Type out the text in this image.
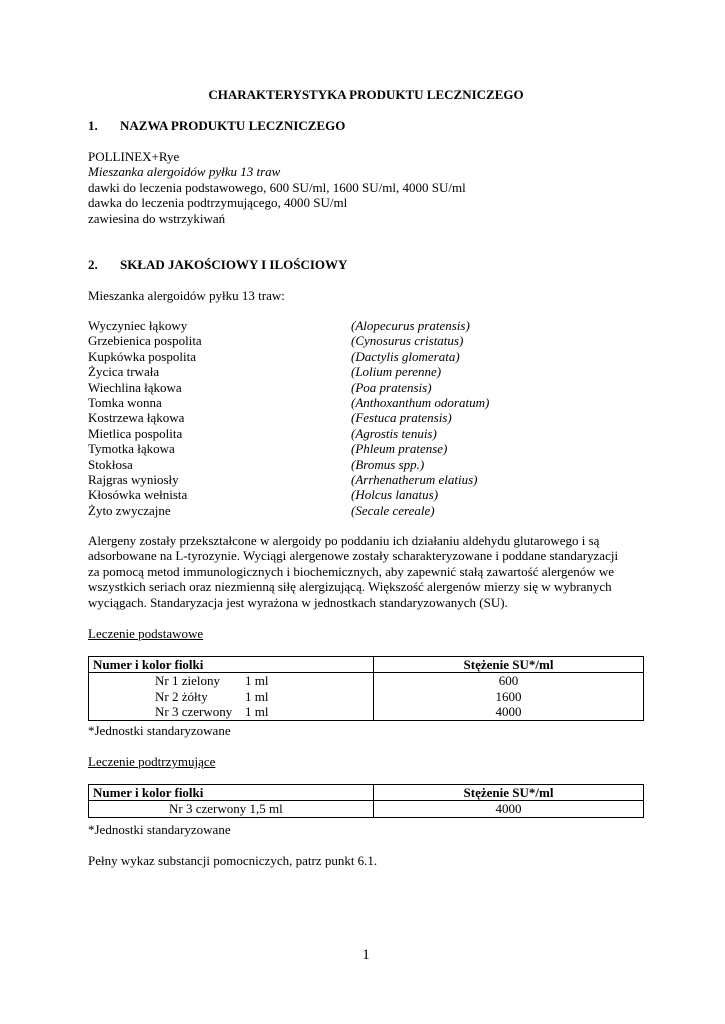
CHARAKTERYSTYKA PRODUKTU LECZNICZEGO
1. NAZWA PRODUKTU LECZNICZEGO
POLLINEX+Rye
Mieszanka alergoidów pyłku 13 traw
dawki do leczenia podstawowego, 600 SU/ml, 1600 SU/ml, 4000 SU/ml
dawka do leczenia podtrzymującego, 4000 SU/ml
zawiesina do wstrzykiwań
2. SKŁAD JAKOŚCIOWY I ILOŚCIOWY
Mieszanka alergoidów pyłku 13 traw:
Wyczyniec łąkowy	(Alopecurus pratensis)
Grzebienica pospolita	(Cynosurus cristatus)
Kupkówka pospolita	(Dactylis glomerata)
Życica trwała	(Lolium perenne)
Wiechlina łąkowa	(Poa pratensis)
Tomka wonna	(Anthoxanthum odoratum)
Kostrzewa łąkowa	(Festuca pratensis)
Mietlica pospolita	(Agrostis tenuis)
Tymotka łąkowa	(Phleum pratense)
Stokłosa	(Bromus spp.)
Rajgras wyniosły	(Arrhenatherum elatius)
Kłosówka wełnista	(Holcus lanatus)
Żyto zwyczajne	(Secale cereale)
Alergeny zostały przekształcone w alergoidy po poddaniu ich działaniu aldehydu glutarowego i są
adsorbowane na L-tyrozynie. Wyciągi alergenowe zostały scharakteryzowane i poddane standaryzacji
za pomocą metod immunologicznych i biochemicznych, aby zapewnić stałą zawartość alergenów we
wszystkich seriach oraz niezmienną siłę alergizującą. Większość alergenów mierzy się w wybranych
wyciągach. Standaryzacja jest wyrażona w jednostkach standaryzowanych (SU).
Leczenie podstawowe
Numer i kolor fiolki	Stężenie SU*/ml
Nr 1 zielony 1 ml	600
Nr 2 żółty 1 ml	1600
Nr 3 czerwony 1 ml	4000
*Jednostki standaryzowane
Leczenie podtrzymujące
Numer i kolor fiolki	Stężenie SU*/ml
Nr 3 czerwony 1,5 ml	4000
*Jednostki standaryzowane
Pełny wykaz substancji pomocniczych, patrz punkt 6.1.
1
